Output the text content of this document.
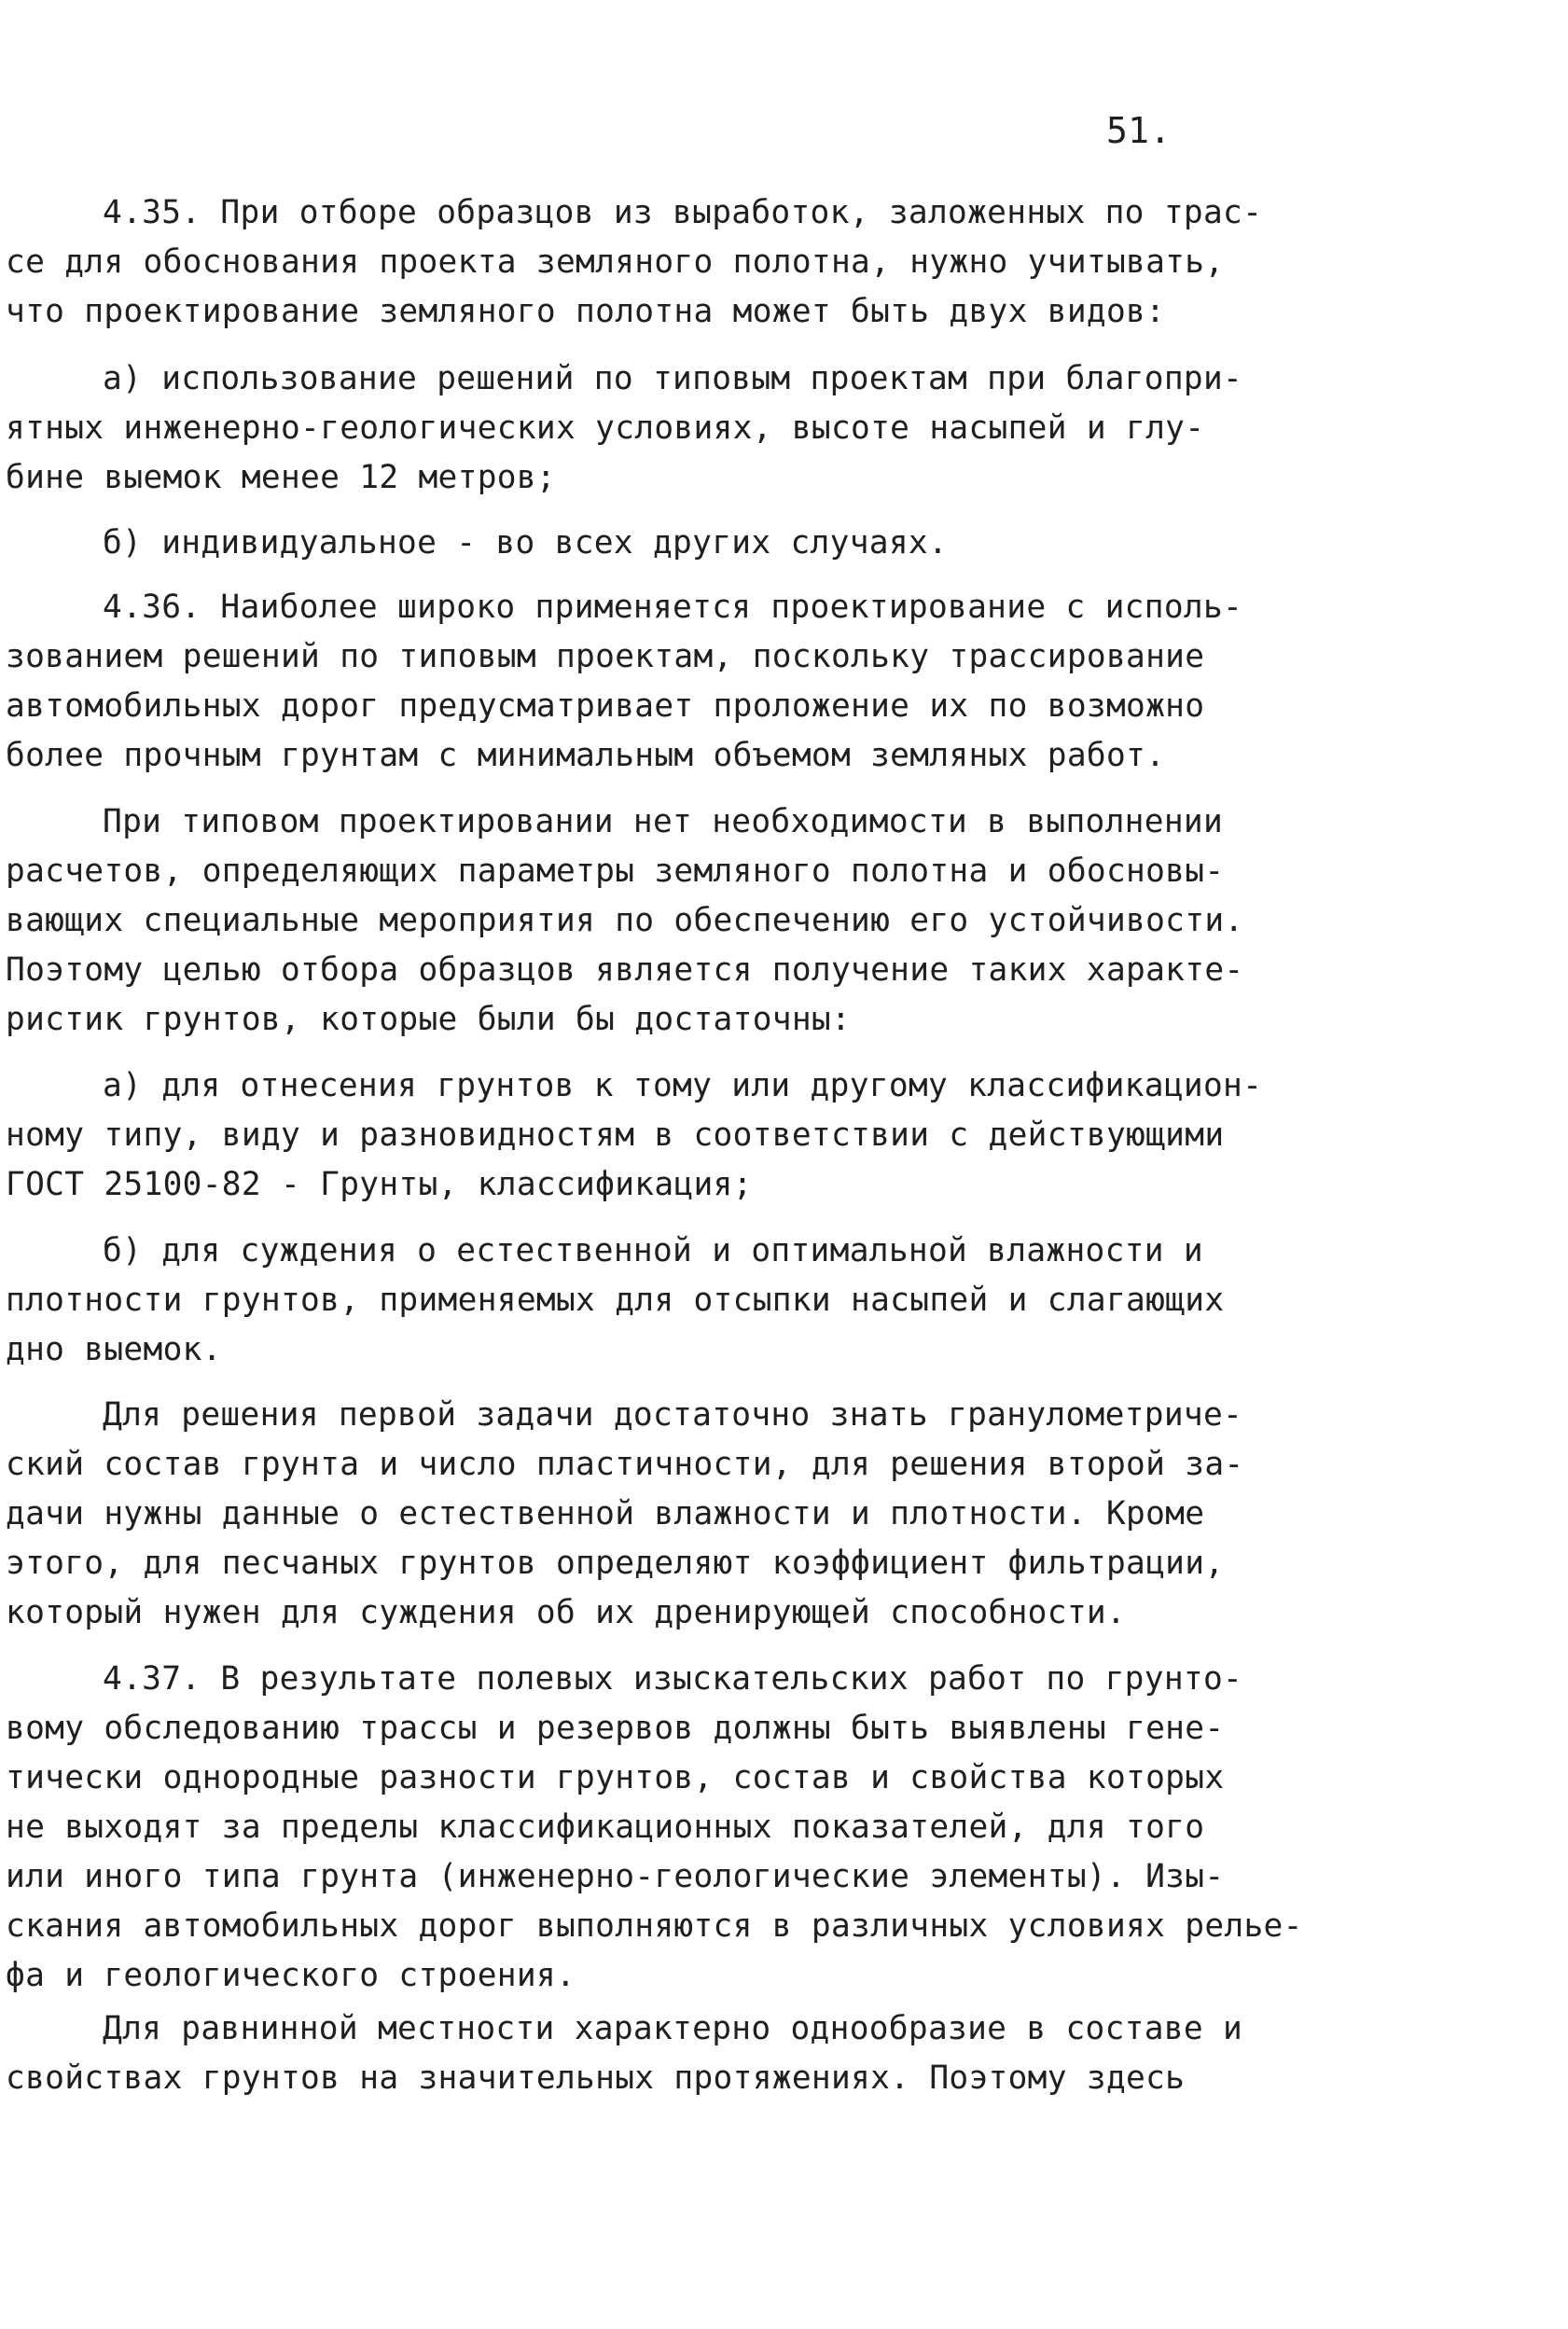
51.
4.35. При отборе образцов из выработок, заложенных по трас-
се для обоснования проекта земляного полотна, нужно учитывать,
что проектирование земляного полотна может быть двух видов:
а) использование решений по типовым проектам при благопри-
ятных инженерно-геологических условиях, высоте насыпей и глу-
бине выемок менее 12 метров;
б) индивидуальное - во всех других случаях.
4.36. Наиболее широко применяется проектирование с исполь-
зованием решений по типовым проектам, поскольку трассирование
автомобильных дорог предусматривает проложение их по возможно
более прочным грунтам с минимальным объемом земляных работ.
При типовом проектировании нет необходимости в выполнении
расчетов, определяющих параметры земляного полотна и обосновы-
вающих специальные мероприятия по обеспечению его устойчивости.
Поэтому целью отбора образцов является получение таких характе-
ристик грунтов, которые были бы достаточны:
а) для отнесения грунтов к тому или другому классификацион-
ному типу, виду и разновидностям в соответствии с действующими
ГОСТ 25100-82 - Грунты, классификация;
б) для суждения о естественной и оптимальной влажности и
плотности грунтов, применяемых для отсыпки насыпей и слагающих
дно выемок.
Для решения первой задачи достаточно знать гранулометриче-
ский состав грунта и число пластичности, для решения второй за-
дачи нужны данные о естественной влажности и плотности. Кроме
этого, для песчаных грунтов определяют коэффициент фильтрации,
который нужен для суждения об их дренирующей способности.
4.37. В результате полевых изыскательских работ по грунто-
вому обследованию трассы и резервов должны быть выявлены гене-
тически однородные разности грунтов, состав и свойства которых
не выходят за пределы классификационных показателей, для того
или иного типа грунта (инженерно-геологические элементы). Изы-
скания автомобильных дорог выполняются в различных условиях релье-
фа и геологического строения.
Для равнинной местности характерно однообразие в составе и
свойствах грунтов на значительных протяжениях. Поэтому здесь
